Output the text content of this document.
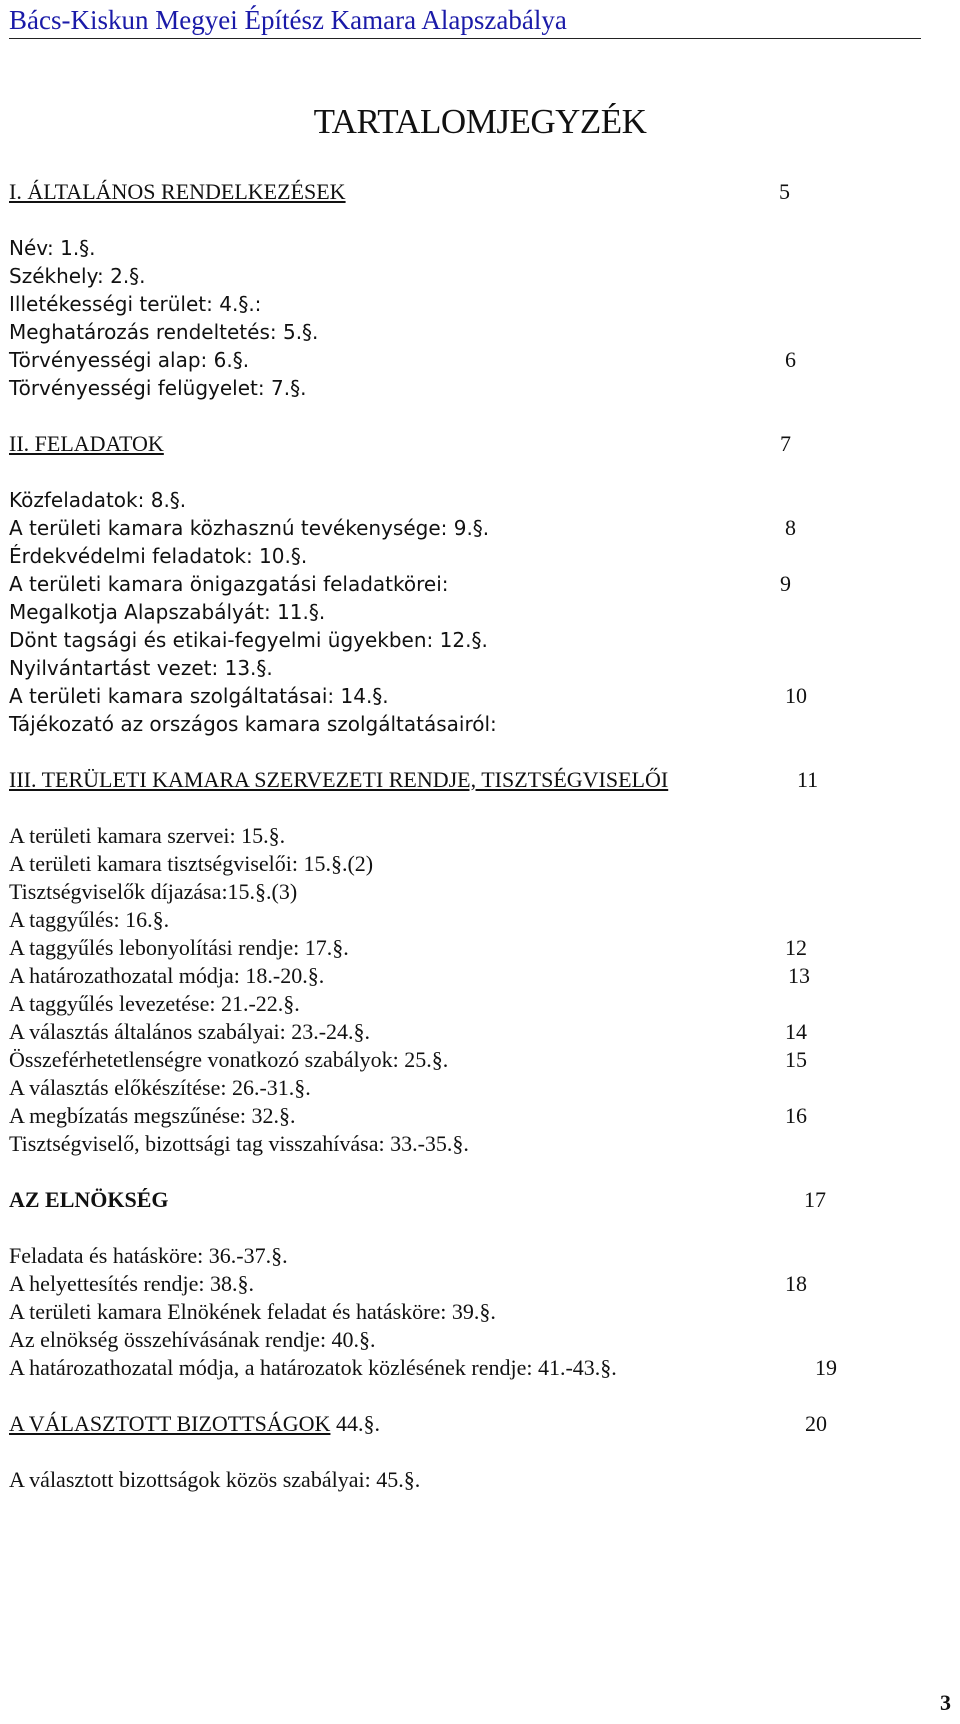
Bács-Kiskun Megyei Építész Kamara Alapszabálya
TARTALOMJEGYZÉK
I. ÁLTALÁNOS RENDELKEZÉSEK	5
Név: 1.§.
Székhely: 2.§.
Illetékességi terület: 4.§.:
Meghatározás rendeltetés: 5.§.
Törvényességi alap: 6.§.	6
Törvényességi felügyelet: 7.§.
II. FELADATOK	7
Közfeladatok: 8.§.
A területi kamara közhasznú tevékenysége: 9.§.	8
Érdekvédelmi feladatok: 10.§.
A területi kamara önigazgatási feladatkörei:	9
Megalkotja Alapszabályát: 11.§.
Dönt tagsági és etikai-fegyelmi ügyekben: 12.§.
Nyilvántartást vezet: 13.§.
A területi kamara szolgáltatásai: 14.§.	10
Tájékozató az országos kamara szolgáltatásairól:
III. TERÜLETI KAMARA SZERVEZETI RENDJE, TISZTSÉGVISELŐI	11
A területi kamara szervei: 15.§.
A területi kamara tisztségviselői: 15.§.(2)
Tisztségviselők díjazása:15.§.(3)
A taggyűlés: 16.§.
A taggyűlés lebonyolítási rendje: 17.§.	12
A határozathozatal módja: 18.-20.§.	13
A taggyűlés levezetése: 21.-22.§.
A választás általános szabályai: 23.-24.§.	14
Összeférhetetlenségre vonatkozó szabályok: 25.§.	15
A választás előkészítése: 26.-31.§.
A megbízatás megszűnése: 32.§.	16
Tisztségviselő, bizottsági tag visszahívása: 33.-35.§.
AZ ELNÖKSÉG	17
Feladata és hatásköre: 36.-37.§.
A helyettesítés rendje: 38.§.	18
A területi kamara Elnökének feladat és hatásköre: 39.§.
Az elnökség összehívásának rendje: 40.§.
A határozathozatal módja, a határozatok közlésének rendje: 41.-43.§.	19
A VÁLASZTOTT BIZOTTSÁGOK 44.§.	20
A választott bizottságok közös szabályai: 45.§.
3
